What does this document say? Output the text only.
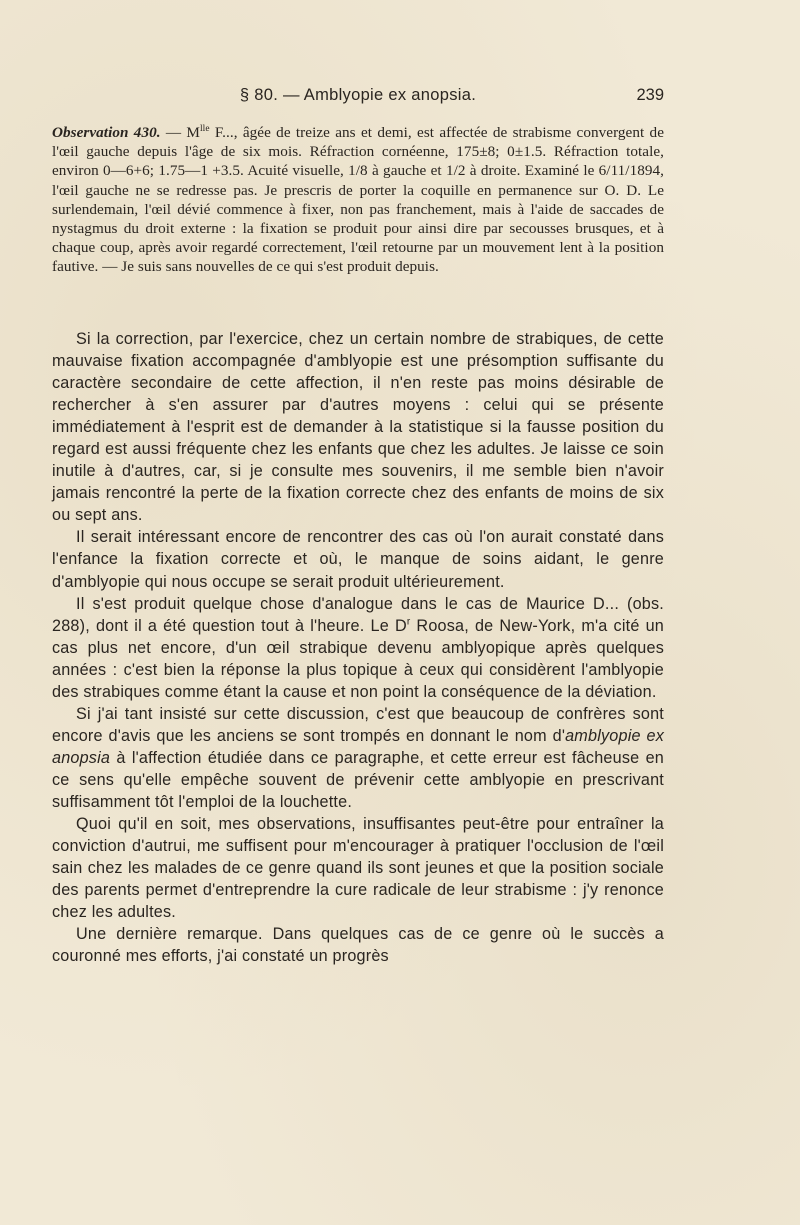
§ 80. — Amblyopie ex anopsia.	239
Observation 430. — $M^{lle}$ F..., âgée de treize ans et demi, est affectée de strabisme convergent de l'œil gauche depuis l'âge de six mois. Réfraction cornéenne, 175±8; 0±1.5. Réfraction totale, environ 0—6+6; 1.75—1 +3.5. Acuité visuelle, 1/8 à gauche et 1/2 à droite. Examiné le 6/11/1894, l'œil gauche ne se redresse pas. Je prescris de porter la coquille en permanence sur O. D. Le surlendemain, l'œil dévié commence à fixer, non pas franchement, mais à l'aide de saccades de nystagmus du droit externe : la fixation se produit pour ainsi dire par secousses brusques, et à chaque coup, après avoir regardé correctement, l'œil retourne par un mouvement lent à la position fautive. — Je suis sans nouvelles de ce qui s'est produit depuis.

Si la correction, par l'exercice, chez un certain nombre de strabiques, de cette mauvaise fixation accompagnée d'amblyopie est une présomption suffisante du caractère secondaire de cette affection, il n'en reste pas moins désirable de rechercher à s'en assurer par d'autres moyens : celui qui se présente immédiatement à l'esprit est de demander à la statistique si la fausse position du regard est aussi fréquente chez les enfants que chez les adultes. Je laisse ce soin inutile à d'autres, car, si je consulte mes souvenirs, il me semble bien n'avoir jamais rencontré la perte de la fixation correcte chez des enfants de moins de six ou sept ans.

Il serait intéressant encore de rencontrer des cas où l'on aurait constaté dans l'enfance la fixation correcte et où, le manque de soins aidant, le genre d'amblyopie qui nous occupe se serait produit ultérieurement.

Il s'est produit quelque chose d'analogue dans le cas de Maurice D... (obs. 288), dont il a été question tout à l'heure. Le $D^r$ Roosa, de New-York, m'a cité un cas plus net encore, d'un œil strabique devenu amblyopique après quelques années : c'est bien la réponse la plus topique à ceux qui considèrent l'amblyopie des strabiques comme étant la cause et non point la conséquence de la déviation.

Si j'ai tant insisté sur cette discussion, c'est que beaucoup de confrères sont encore d'avis que les anciens se sont trompés en donnant le nom d'amblyopie ex anopsia à l'affection étudiée dans ce paragraphe, et cette erreur est fâcheuse en ce sens qu'elle empêche souvent de prévenir cette amblyopie en prescrivant suffisamment tôt l'emploi de la louchette.

Quoi qu'il en soit, mes observations, insuffisantes peut-être pour entraîner la conviction d'autrui, me suffisent pour m'encourager à pratiquer l'occlusion de l'œil sain chez les malades de ce genre quand ils sont jeunes et que la position sociale des parents permet d'entreprendre la cure radicale de leur strabisme : j'y renonce chez les adultes.

Une dernière remarque. Dans quelques cas de ce genre où le succès a couronné mes efforts, j'ai constaté un progrès
